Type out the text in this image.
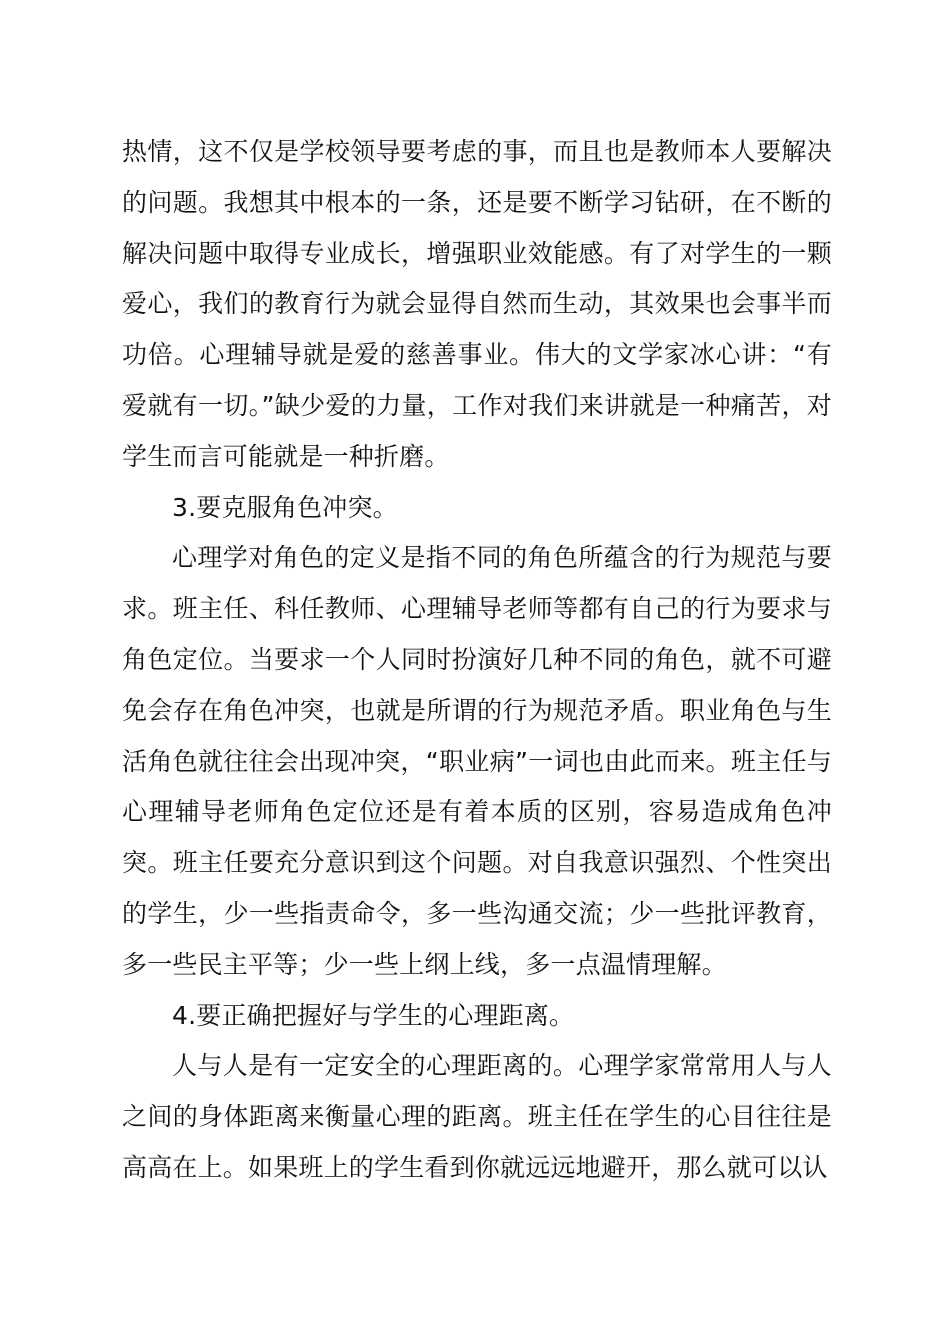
热情，这不仅是学校领导要考虑的事，而且也是教师本人要解决的问题。我想其中根本的一条，还是要不断学习钻研，在不断的解决问题中取得专业成长，增强职业效能感。有了对学生的一颗爱心，我们的教育行为就会显得自然而生动，其效果也会事半而功倍。心理辅导就是爱的慈善事业。伟大的文学家冰心讲：“有爱就有一切。”缺少爱的力量，工作对我们来讲就是一种痛苦，对学生而言可能就是一种折磨。

3.要克服角色冲突。

心理学对角色的定义是指不同的角色所蕴含的行为规范与要求。班主任、科任教师、心理辅导老师等都有自己的行为要求与角色定位。当要求一个人同时扮演好几种不同的角色，就不可避免会存在角色冲突，也就是所谓的行为规范矛盾。职业角色与生活角色就往往会出现冲突，“职业病”一词也由此而来。班主任与心理辅导老师角色定位还是有着本质的区别，容易造成角色冲突。班主任要充分意识到这个问题。对自我意识强烈、个性突出的学生，少一些指责命令，多一些沟通交流；少一些批评教育，多一些民主平等；少一些上纲上线，多一点温情理解。

4.要正确把握好与学生的心理距离。

人与人是有一定安全的心理距离的。心理学家常常用人与人之间的身体距离来衡量心理的距离。班主任在学生的心目往往是高高在上。如果班上的学生看到你就远远地避开，那么就可以认
